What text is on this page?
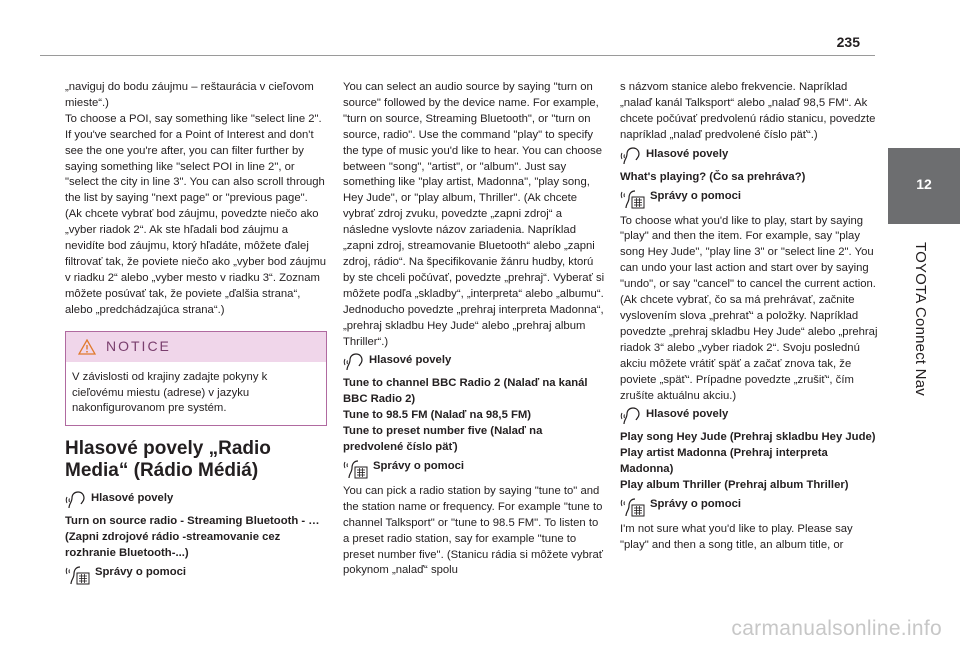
235
12
TOYOTA Connect Nav

„naviguj do bodu záujmu – reštaurácia v cieľovom mieste“.)

To choose a POI, say something like "select line 2". If you've searched for a Point of Interest and don't see the one you're after, you can filter further by saying something like "select POI in line 2", or "select the city in line 3". You can also scroll through the list by saying "next page" or "previous page". (Ak chcete vybrať bod záujmu, povedzte niečo ako „vyber riadok 2“. Ak ste hľadali bod záujmu a nevidíte bod záujmu, ktorý hľadáte, môžete ďalej filtrovať tak, že poviete niečo ako „vyber bod záujmu v riadku 2“ alebo „vyber mesto v riadku 3“. Zoznam môžete posúvať tak, že poviete „ďalšia strana“, alebo „predchádzajúca strana“.)

NOTICE
V závislosti od krajiny zadajte pokyny k cieľovému miestu (adrese) v jazyku nakonfigurovanom pre systém.
Hlasové povely „Radio Media“ (Rádio Médiá)
Hlasové povely

Turn on source radio - Streaming Bluetooth - … (Zapni zdrojové rádio -streamovanie cez rozhranie Bluetooth-...)

Správy o pomoci

You can select an audio source by saying "turn on source" followed by the device name. For example, "turn on source, Streaming Bluetooth", or "turn on source, radio". Use the command "play" to specify the type of music you'd like to hear. You can choose between "song", "artist", or "album". Just say something like "play artist, Madonna", "play song, Hey Jude", or "play album, Thriller". (Ak chcete vybrať zdroj zvuku, povedzte „zapni zdroj“ a následne vyslovte názov zariadenia. Napríklad „zapni zdroj, streamovanie Bluetooth“ alebo „zapni zdroj, rádio“. Na špecifikovanie žánru hudby, ktorú by ste chceli počúvať, povedzte „prehraj“. Vyberať si môžete podľa „skladby“, „interpreta“ alebo „albumu“. Jednoducho povedzte „prehraj interpreta Madonna“, „prehraj skladbu Hey Jude“ alebo „prehraj album Thriller“.)

Hlasové povely

Tune to channel BBC Radio 2 (Nalaď na kanál BBC Radio 2)
Tune to 98.5 FM (Nalaď na 98,5 FM)
Tune to preset number five (Nalaď na predvolené číslo päť)

Správy o pomoci

You can pick a radio station by saying "tune to" and the station name or frequency. For example "tune to channel Talksport" or "tune to 98.5 FM". To listen to a preset radio station, say for example "tune to preset number five". (Stanicu rádia si môžete vybrať pokynom „nalaď“ spolu

s názvom stanice alebo frekvencie. Napríklad „nalaď kanál Talksport“ alebo „nalaď 98,5 FM“. Ak chcete počúvať predvolenú rádio stanicu, povedzte napríklad „nalaď predvolené číslo päť“.)

Hlasové povely

What's playing? (Čo sa prehráva?)

Správy o pomoci

To choose what you'd like to play, start by saying "play" and then the item. For example, say "play song Hey Jude", "play line 3" or "select line 2". You can undo your last action and start over by saying "undo", or say "cancel" to cancel the current action. (Ak chcete vybrať, čo sa má prehrávať, začnite vyslovením slova „prehrať“ a položky. Napríklad povedzte „prehraj skladbu Hey Jude“ alebo „prehraj riadok 3“ alebo „vyber riadok 2“. Svoju poslednú akciu môžete vrátiť späť a začať znova tak, že poviete „späť“. Prípadne povedzte „zrušiť“, čím zrušíte aktuálnu akciu.)

Hlasové povely

Play song Hey Jude (Prehraj skladbu Hey Jude)
Play artist Madonna (Prehraj interpreta Madonna)
Play album Thriller (Prehraj album Thriller)

Správy o pomoci

I'm not sure what you'd like to play. Please say "play" and then a song title, an album title, or

carmanualsonline.info
